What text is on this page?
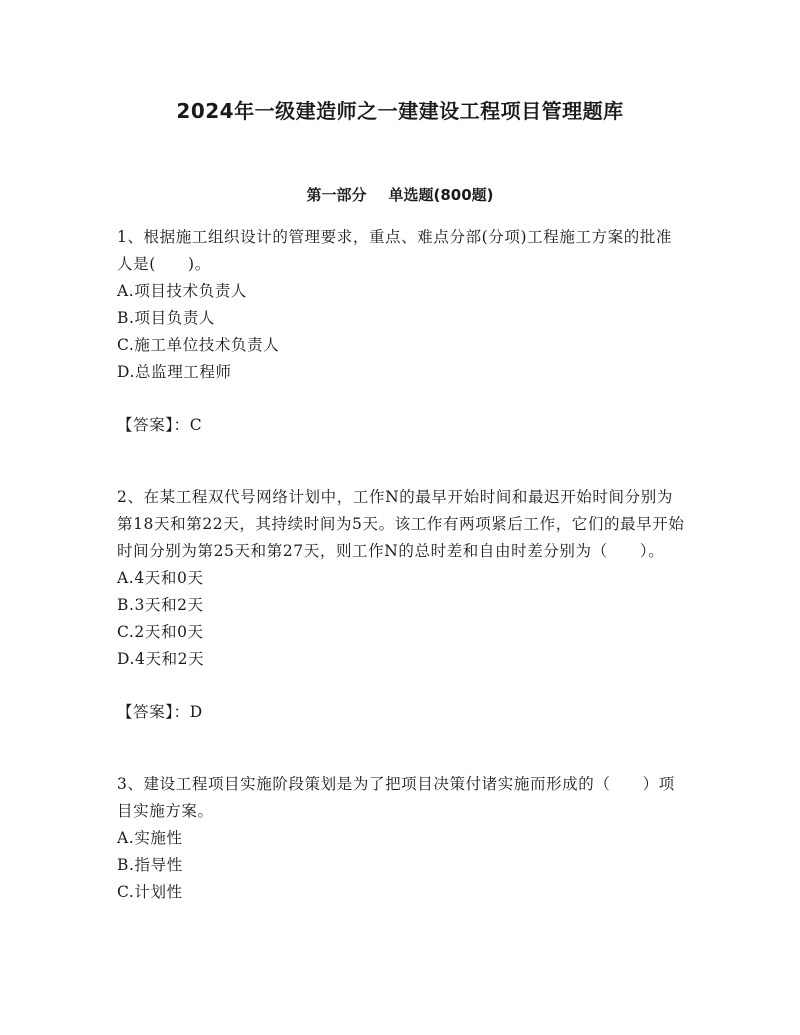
2024年一级建造师之一建建设工程项目管理题库
第一部分 单选题(800题)

1、根据施工组织设计的管理要求，重点、难点分部(分项)工程施工方案的批准人是(　　)。

A.项目技术负责人

B.项目负责人

C.施工单位技术负责人

D.总监理工程师

【答案】：C

2、在某工程双代号网络计划中，工作N的最早开始时间和最迟开始时间分别为第18天和第22天，其持续时间为5天。该工作有两项紧后工作，它们的最早开始时间分别为第25天和第27天，则工作N的总时差和自由时差分别为（　　）。

A.4天和0天

B.3天和2天

C.2天和0天

D.4天和2天

【答案】：D

3、建设工程项目实施阶段策划是为了把项目决策付诸实施而形成的（　　）项目实施方案。

A.实施性

B.指导性

C.计划性
